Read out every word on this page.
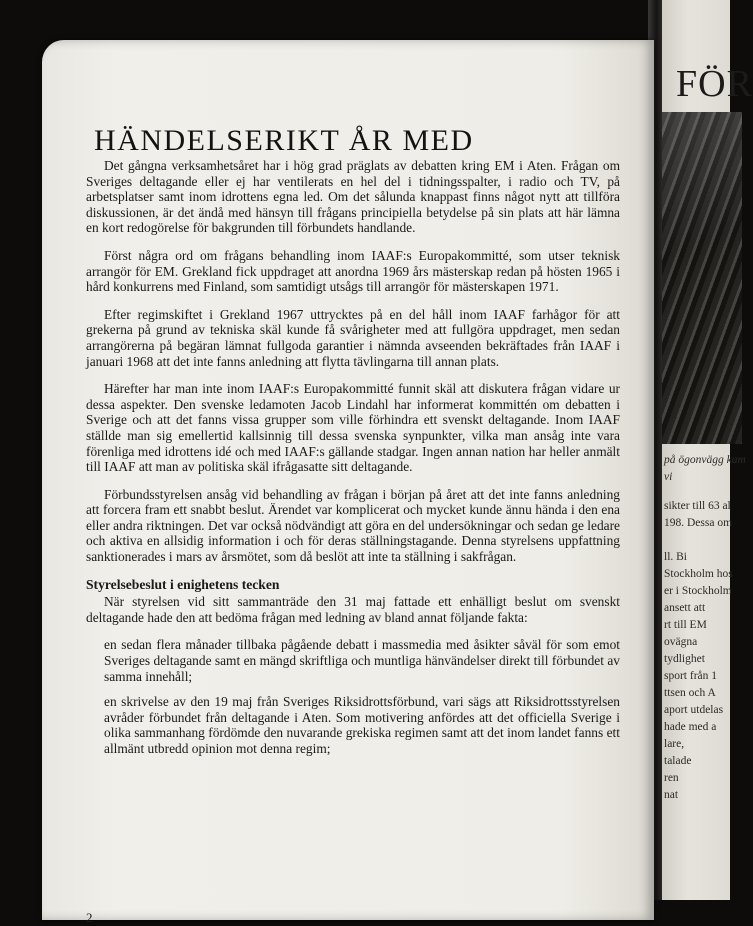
FÖR
på ögonvägg kam
vi
sikter till 63 al
198. Dessa om

ll. Bi
Stockholm hos
er i Stockholm
ansett att
rt till EM
ovägna
tydlighet
sport från 1
ttsen och A
aport utdelas
hade med a
lare,
talade
ren
nat
HÄNDELSERIKT ÅR MED

Det gångna verksamhetsåret har i hög grad präglats av debatten kring EM i Aten. Frågan om Sveriges deltagande eller ej har ventilerats en hel del i tidningsspalter, i radio och TV, på arbetsplatser samt inom idrottens egna led. Om det sålunda knappast finns något nytt att tillföra diskussionen, är det ändå med hänsyn till frågans principiella betydelse på sin plats att här lämna en kort redogörelse för bakgrunden till förbundets handlande.

Först några ord om frågans behandling inom IAAF:s Europakommitté, som utser teknisk arrangör för EM. Grekland fick uppdraget att anordna 1969 års mästerskap redan på hösten 1965 i hård konkurrens med Finland, som samtidigt utsågs till arrangör för mästerskapen 1971.

Efter regimskiftet i Grekland 1967 uttrycktes på en del håll inom IAAF farhågor för att grekerna på grund av tekniska skäl kunde få svårigheter med att fullgöra uppdraget, men sedan arrangörerna på begäran lämnat fullgoda garantier i nämnda avseenden bekräftades från IAAF i januari 1968 att det inte fanns anledning att flytta tävlingarna till annan plats.

Härefter har man inte inom IAAF:s Europakommitté funnit skäl att diskutera frågan vidare ur dessa aspekter. Den svenske ledamoten Jacob Lindahl har informerat kommittén om debatten i Sverige och att det fanns vissa grupper som ville förhindra ett svenskt deltagande. Inom IAAF ställde man sig emellertid kallsinnig till dessa svenska synpunkter, vilka man ansåg inte vara förenliga med idrottens idé och med IAAF:s gällande stadgar. Ingen annan nation har heller anmält till IAAF att man av politiska skäl ifrågasatte sitt deltagande.

Förbundsstyrelsen ansåg vid behandling av frågan i början på året att det inte fanns anledning att forcera fram ett snabbt beslut. Ärendet var komplicerat och mycket kunde ännu hända i den ena eller andra riktningen. Det var också nödvändigt att göra en del undersökningar och sedan ge ledare och aktiva en allsidig information i och för deras ställningstagande. Denna styrelsens uppfattning sanktionerades i mars av årsmötet, som då beslöt att inte ta ställning i sakfrågan.

Styrelsebeslut i enighetens tecken

När styrelsen vid sitt sammanträde den 31 maj fattade ett enhälligt beslut om svenskt deltagande hade den att bedöma frågan med ledning av bland annat följande fakta:

en sedan flera månader tillbaka pågående debatt i massmedia med åsikter såväl för som emot Sveriges deltagande samt en mängd skriftliga och muntliga hänvändelser direkt till förbundet av samma innehåll;

en skrivelse av den 19 maj från Sveriges Riksidrottsförbund, vari sägs att Riksidrottsstyrelsen avråder förbundet från deltagande i Aten. Som motivering anfördes att det officiella Sverige i olika sammanhang fördömde den nuvarande grekiska regimen samt att det inom landet fanns ett allmänt utbredd opinion mot denna regim;

2
